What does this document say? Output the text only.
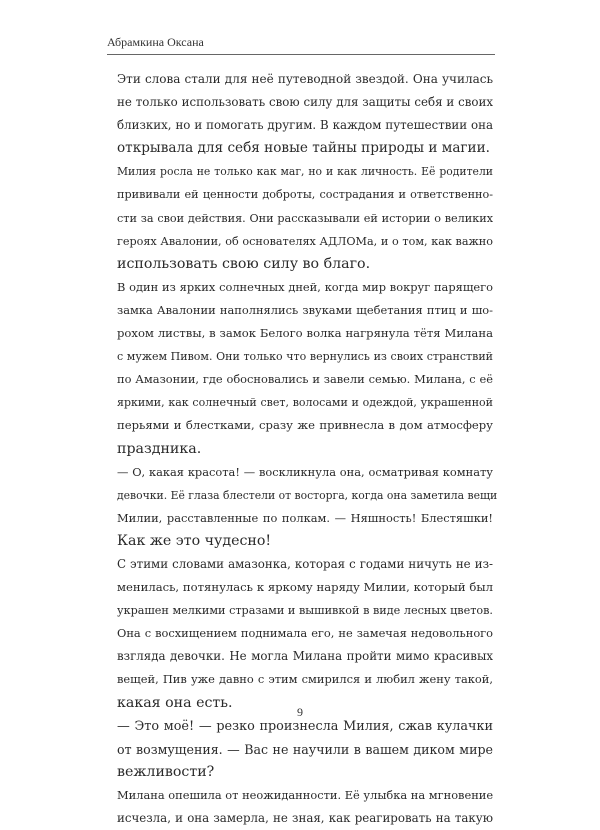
Абрамкина Оксана
Эти слова стали для неё путеводной звездой. Она училась
не только использовать свою силу для защиты себя и своих
близких, но и помогать другим. В каждом путешествии она
открывала для себя новые тайны природы и магии.
Милия росла не только как маг, но и как личность. Её родители
прививали ей ценности доброты, сострадания и ответственно-
сти за свои действия. Они рассказывали ей истории о великих
героях Авалонии, об основателях АДЛОМа, и о том, как важно
использовать свою силу во благо.
В один из ярких солнечных дней, когда мир вокруг парящего
замка Авалонии наполнялись звуками щебетания птиц и шо-
рохом листвы, в замок Белого волка нагрянула тётя Милана
с мужем Пивом. Они только что вернулись из своих странствий
по Амазонии, где обосновались и завели семью. Милана, с её
яркими, как солнечный свет, волосами и одеждой, украшенной
перьями и блестками, сразу же привнесла в дом атмосферу
праздника.
— О, какая красота! — воскликнула она, осматривая комнату
девочки. Её глаза блестели от восторга, когда она заметила вещи
Милии, расставленные по полкам. — Няшность! Блестяшки!
Как же это чудесно!
С этими словами амазонка, которая с годами ничуть не из-
менилась, потянулась к яркому наряду Милии, который был
украшен мелкими стразами и вышивкой в виде лесных цветов.
Она с восхищением поднимала его, не замечая недовольного
взгляда девочки. Не могла Милана пройти мимо красивых
вещей, Пив уже давно с этим смирился и любил жену такой,
какая она есть.
— Это моё! — резко произнесла Милия, сжав кулачки
от возмущения. — Вас не научили в вашем диком мире
вежливости?
Милана опешила от неожиданности. Её улыбка на мгновение
исчезла, и она замерла, не зная, как реагировать на такую
9
